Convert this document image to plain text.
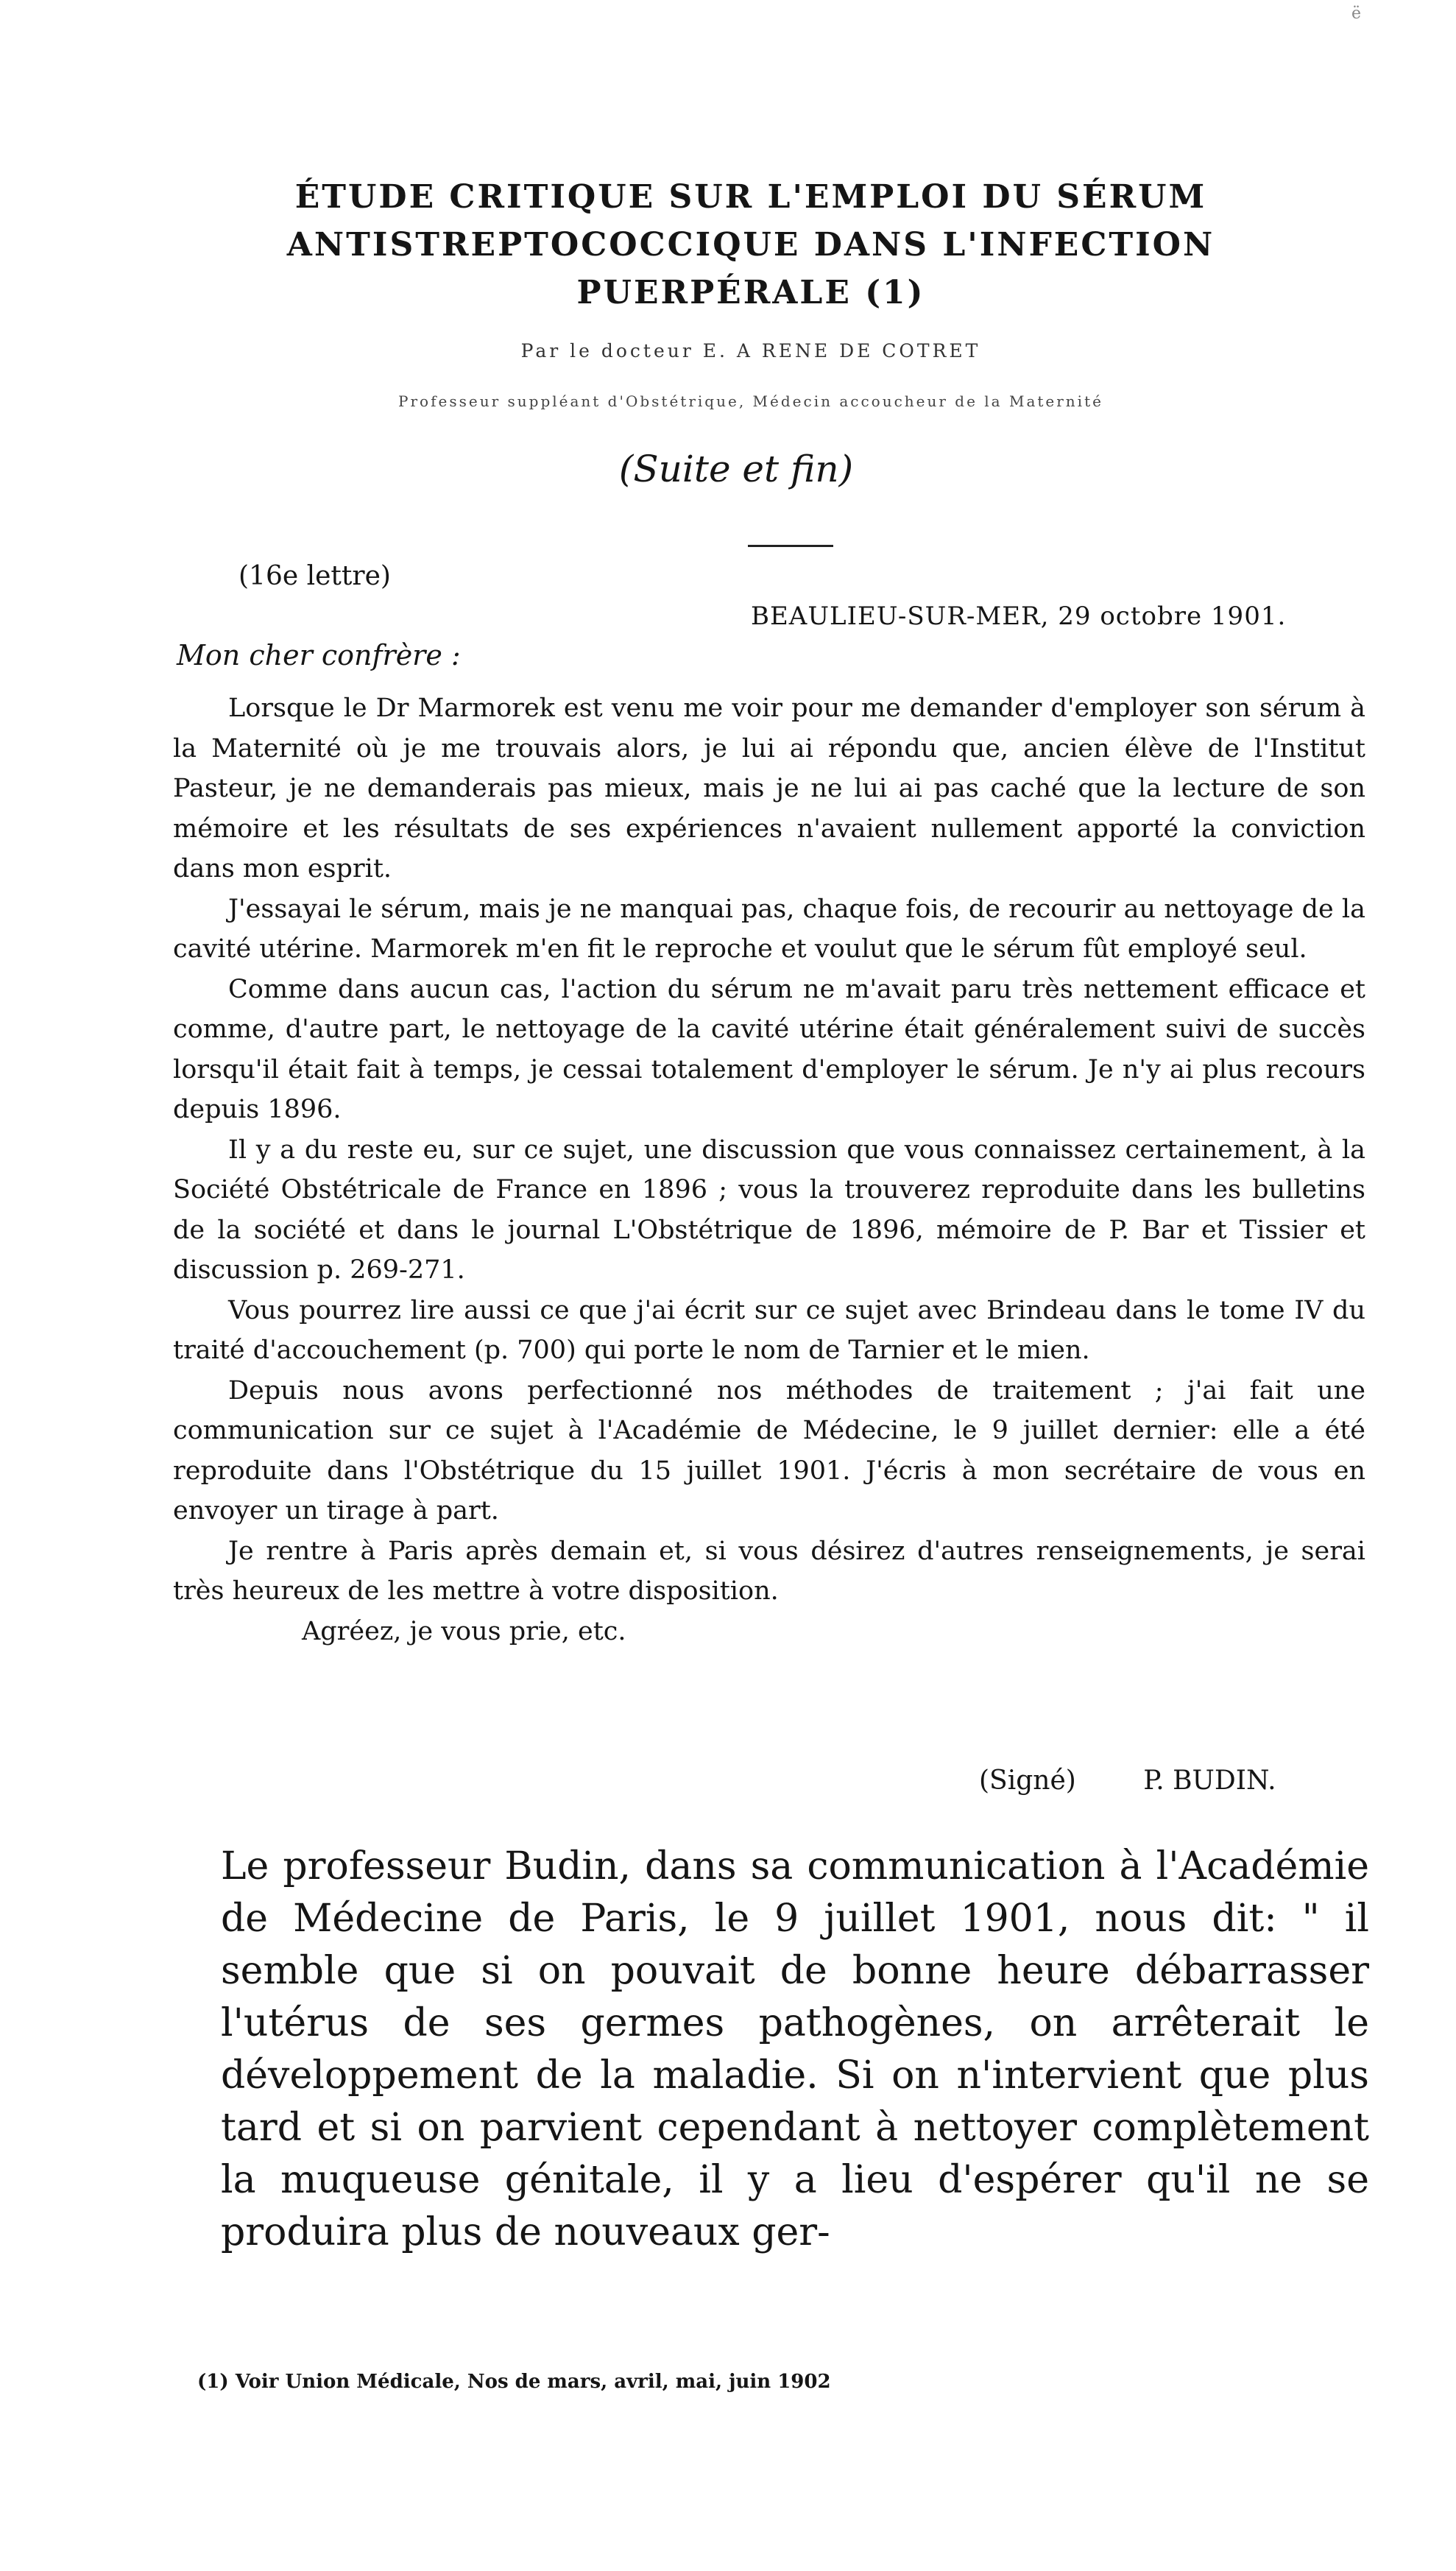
ë
ÉTUDE CRITIQUE SUR L'EMPLOI DU SÉRUM
ANTISTREPTOCOCCIQUE DANS L'INFECTION
PUERPÉRALE (1)
Par le docteur E. A RENE DE COTRET
Professeur suppléant d'Obstétrique, Médecin accoucheur de la Maternité
(Suite et fin)
(16e lettre)
BEAULIEU-SUR-MER, 29 octobre 1901.
Mon cher confrère :

Lorsque le Dr Marmorek est venu me voir pour me demander d'employer son sérum à la Maternité où je me trouvais alors, je lui ai répondu que, ancien élève de l'Institut Pasteur, je ne demanderais pas mieux, mais je ne lui ai pas caché que la lecture de son mémoire et les résultats de ses expériences n'avaient nullement apporté la conviction dans mon esprit.

J'essayai le sérum, mais je ne manquai pas, chaque fois, de recourir au nettoyage de la cavité utérine. Marmorek m'en fit le reproche et voulut que le sérum fût employé seul.

Comme dans aucun cas, l'action du sérum ne m'avait paru très nettement efficace et comme, d'autre part, le nettoyage de la cavité utérine était généralement suivi de succès lorsqu'il était fait à temps, je cessai totalement d'employer le sérum. Je n'y ai plus recours depuis 1896.

Il y a du reste eu, sur ce sujet, une discussion que vous connaissez certainement, à la Société Obstétricale de France en 1896 ; vous la trouverez reproduite dans les bulletins de la société et dans le journal L'Obstétrique de 1896, mémoire de P. Bar et Tissier et discussion p. 269-271.

Vous pourrez lire aussi ce que j'ai écrit sur ce sujet avec Brindeau dans le tome IV du traité d'accouchement (p. 700) qui porte le nom de Tarnier et le mien.

Depuis nous avons perfectionné nos méthodes de traitement ; j'ai fait une communication sur ce sujet à l'Académie de Médecine, le 9 juillet dernier: elle a été reproduite dans l'Obstétrique du 15 juillet 1901. J'écris à mon secrétaire de vous en envoyer un tirage à part.

Je rentre à Paris après demain et, si vous désirez d'autres renseignements, je serai très heureux de les mettre à votre disposition.

Agréez, je vous prie, etc.

(Signé)	P. BUDIN.

Le professeur Budin, dans sa communication à l'Académie de Médecine de Paris, le 9 juillet 1901, nous dit: " il semble que si on pouvait de bonne heure débarrasser l'utérus de ses germes pathogènes, on arrêterait le développement de la maladie. Si on n'intervient que plus tard et si on parvient cependant à nettoyer complètement la muqueuse génitale, il y a lieu d'espérer qu'il ne se produira plus de nouveaux ger-

(1) Voir Union Médicale, Nos de mars, avril, mai, juin 1902
